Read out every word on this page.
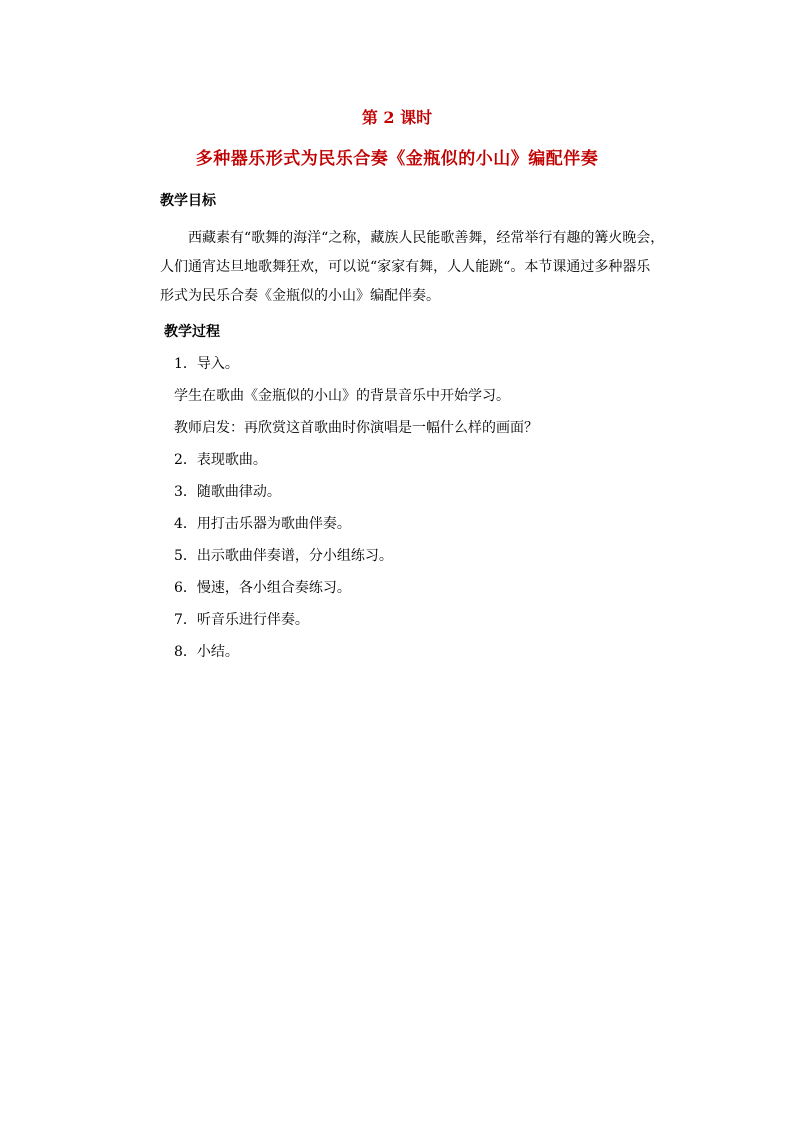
第 2 课时
多种器乐形式为民乐合奏《金瓶似的小山》编配伴奏
教学目标
　　西藏素有“歌舞的海洋“之称，藏族人民能歌善舞，经常举行有趣的篝火晚会，
人们通宵达旦地歌舞狂欢，可以说“家家有舞，人人能跳“。本节课通过多种器乐
形式为民乐合奏《金瓶似的小山》编配伴奏。
教学过程
1．导入。
学生在歌曲《金瓶似的小山》的背景音乐中开始学习。
教师启发：再欣赏这首歌曲时你演唱是一幅什么样的画面？
2．表现歌曲。
3．随歌曲律动。
4．用打击乐器为歌曲伴奏。
5．出示歌曲伴奏谱，分小组练习。
6．慢速，各小组合奏练习。
7．听音乐进行伴奏。
8．小结。
